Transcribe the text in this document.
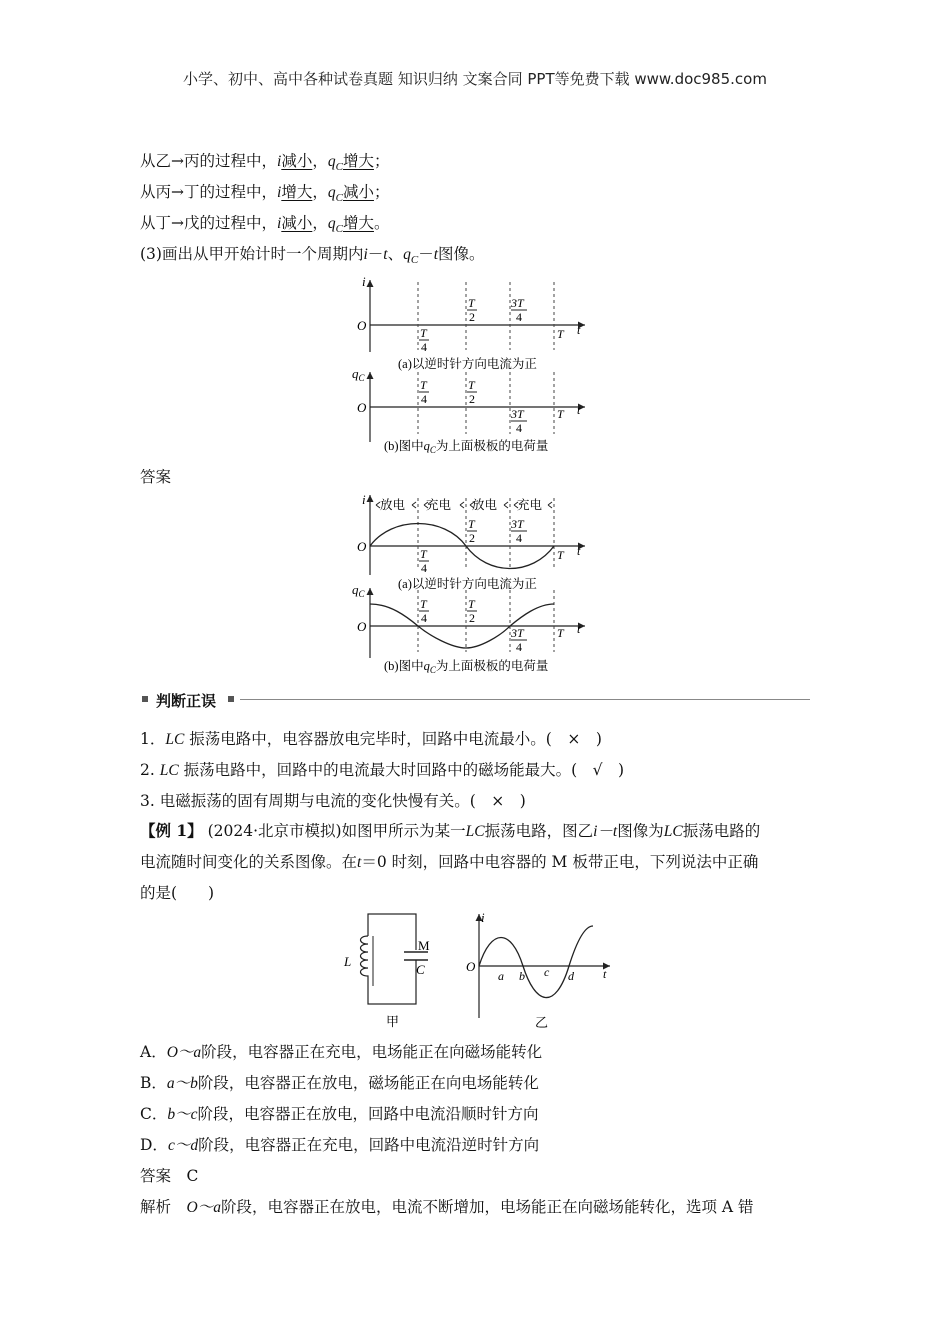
小学、初中、高中各种试卷真题 知识归纳 文案合同 PPT等免费下载 www.doc985.com
从乙→丙的过程中，i减小，$q_C$增大；
从丙→丁的过程中，i增大，$q_C$减小；
从丁→戊的过程中，i减小，$q_C$增大。
(3)画出从甲开始计时一个周期内i－t、$q_C-t$图像。
i
O	T
4
T
2
3T
4
T t
(a)以逆时针方向电流为正
$q_C$
O
T
4
T
2
3T
4
T t
(b)图中$q_C$为上面极板的电荷量
答案
i
O
放电 充电 放电 充电
T
4
T
2
3T
4
T t
(a)以逆时针方向电流为正
$q_C$
O
T
4
T
2
3T
4
T t
(b)图中$q_C$为上面极板的电荷量
判断正误
1．LC 振荡电路中，电容器放电完毕时，回路中电流最小。(　×　)
2. LC 振荡电路中，回路中的电流最大时回路中的磁场能最大。(　√　)
3. 电磁振荡的固有周期与电流的变化快慢有关。(　×　)
【例 1】 (2024·北京市模拟)如图甲所示为某一LC振荡电路，图乙i－t图像为LC振荡电路的
电流随时间变化的关系图像。在t＝0 时刻，回路中电容器的 M 板带正电，下列说法中正确
的是(　　)
L
M
C
甲
i
O
a b c d t
乙
A．O～a阶段，电容器正在充电，电场能正在向磁场能转化
B．a～b阶段，电容器正在放电，磁场能正在向电场能转化
C．b～c阶段，电容器正在放电，回路中电流沿顺时针方向
D．c～d阶段，电容器正在充电，回路中电流沿逆时针方向
答案　 C
解析　 O～a阶段，电容器正在放电，电流不断增加，电场能正在向磁场能转化，选项 A 错
